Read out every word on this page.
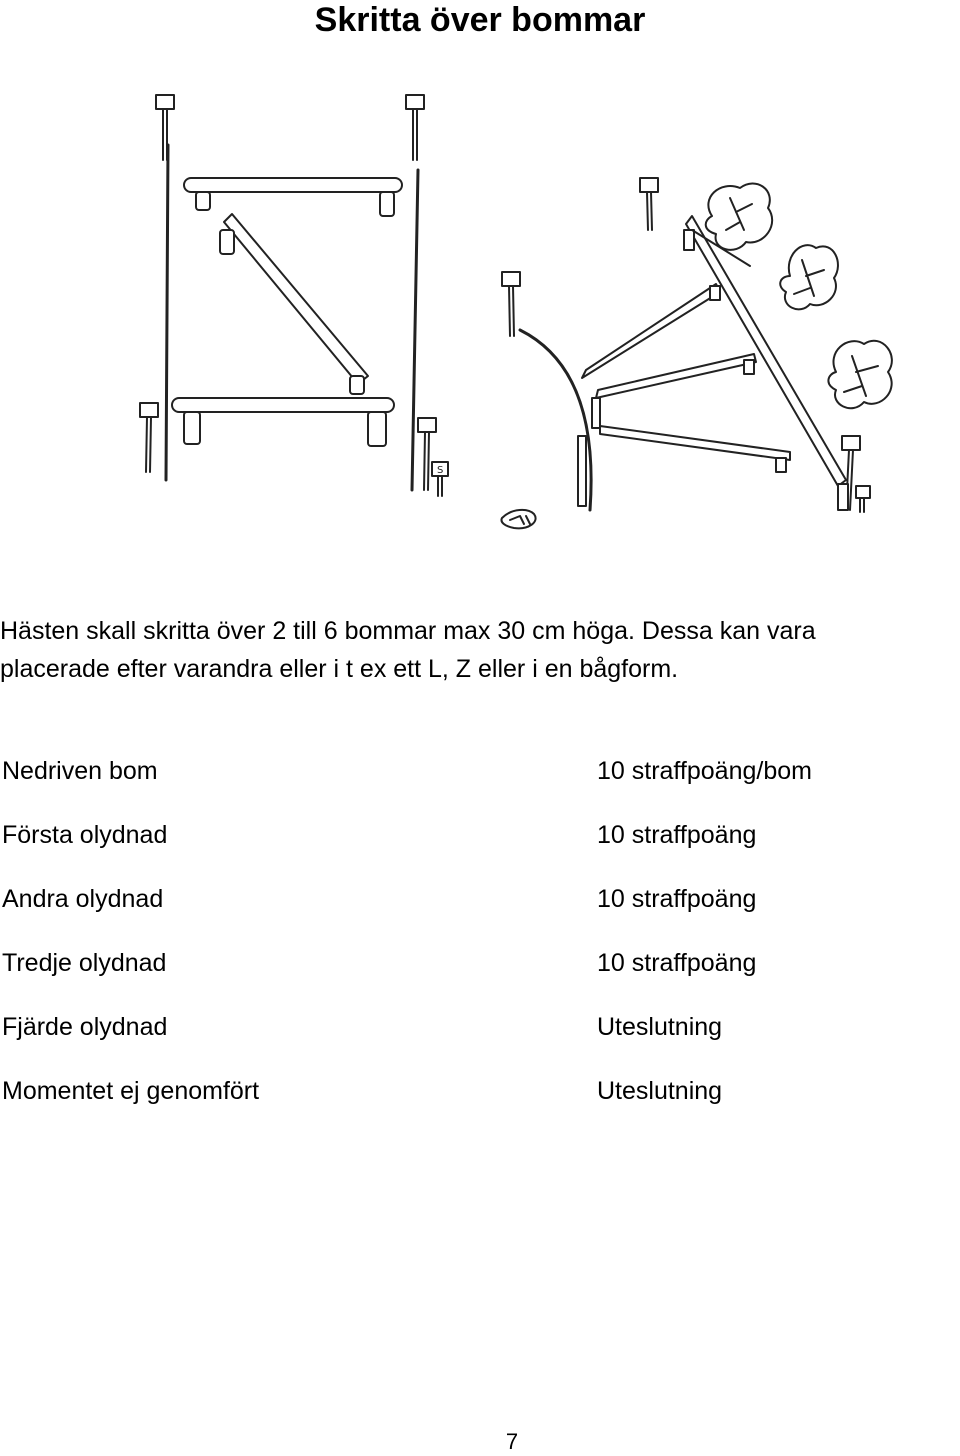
Skritta över bommar
S
Hästen skall skritta över 2 till 6 bommar max 30 cm höga. Dessa kan vara
placerade efter varandra eller i t ex ett L, Z eller i en bågform.
Nedriven bom	10 straffpoäng/bom
Första olydnad	10 straffpoäng
Andra olydnad	10 straffpoäng
Tredje olydnad	10 straffpoäng
Fjärde olydnad	Uteslutning
Momentet ej genomfört	Uteslutning
7
